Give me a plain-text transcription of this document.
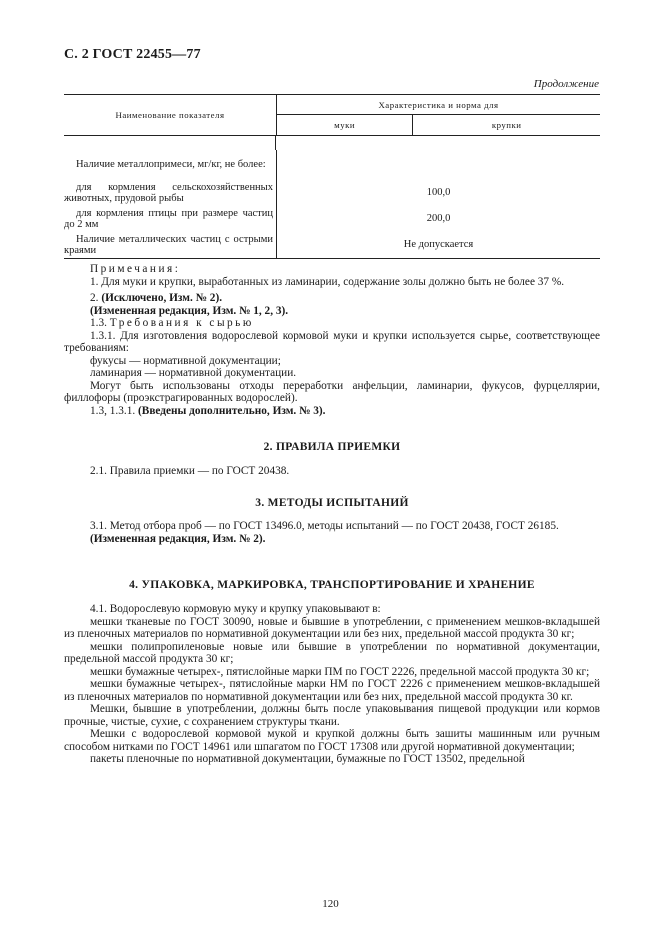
С. 2 ГОСТ 22455—77
Продолжение
Наименование показателя	Характеристика и норма для	
	муки	крупки

Наличие металлопримеси, мг/кг, не более:		
для кормления сельскохозяйственных животных, прудовой рыбы	100,0	
для кормления птицы при размере частиц до 2 мм	200,0	
Наличие металлических частиц с острыми краями	Не допускается	

Примечания:

1. Для муки и крупки, выработанных из ламинарии, содержание золы должно быть не более 37 %.

2. (Исключено, Изм. № 2).

(Измененная редакция, Изм. № 1, 2, 3).

1.3. Требования к сырью

1.3.1. Для изготовления водорослевой кормовой муки и крупки используется сырье, соответствующее требованиям:

фукусы — нормативной документации;

ламинария — нормативной документации.

Могут быть использованы отходы переработки анфельции, ламинарии, фукусов, фурцеллярии, филлофоры (проэкстрагированных водорослей).

1.3, 1.3.1. (Введены дополнительно, Изм. № 3).

2. ПРАВИЛА ПРИЕМКИ

2.1. Правила приемки — по ГОСТ 20438.

3. МЕТОДЫ ИСПЫТАНИЙ

3.1. Метод отбора проб — по ГОСТ 13496.0, методы испытаний — по ГОСТ 20438, ГОСТ 26185.

(Измененная редакция, Изм. № 2).

4. УПАКОВКА, МАРКИРОВКА, ТРАНСПОРТИРОВАНИЕ И ХРАНЕНИЕ

4.1. Водорослевую кормовую муку и крупку упаковывают в:

мешки тканевые по ГОСТ 30090, новые и бывшие в употреблении, с применением мешков-вкладышей из пленочных материалов по нормативной документации или без них, предельной массой продукта 30 кг;

мешки полипропиленовые новые или бывшие в употреблении по нормативной документации, предельной массой продукта 30 кг;

мешки бумажные четырех-, пятислойные марки ПМ по ГОСТ 2226, предельной массой продукта 30 кг;

мешки бумажные четырех-, пятислойные марки НМ по ГОСТ 2226 с применением мешков-вкладышей из пленочных материалов по нормативной документации или без них, предельной массой продукта 30 кг.

Мешки, бывшие в употреблении, должны быть после упаковывания пищевой продукции или кормов прочные, чистые, сухие, с сохранением структуры ткани.

Мешки с водорослевой кормовой мукой и крупкой должны быть зашиты машинным или ручным способом нитками по ГОСТ 14961 или шпагатом по ГОСТ 17308 или другой нормативной документации;

пакеты пленочные по нормативной документации, бумажные по ГОСТ 13502, предельной

120
